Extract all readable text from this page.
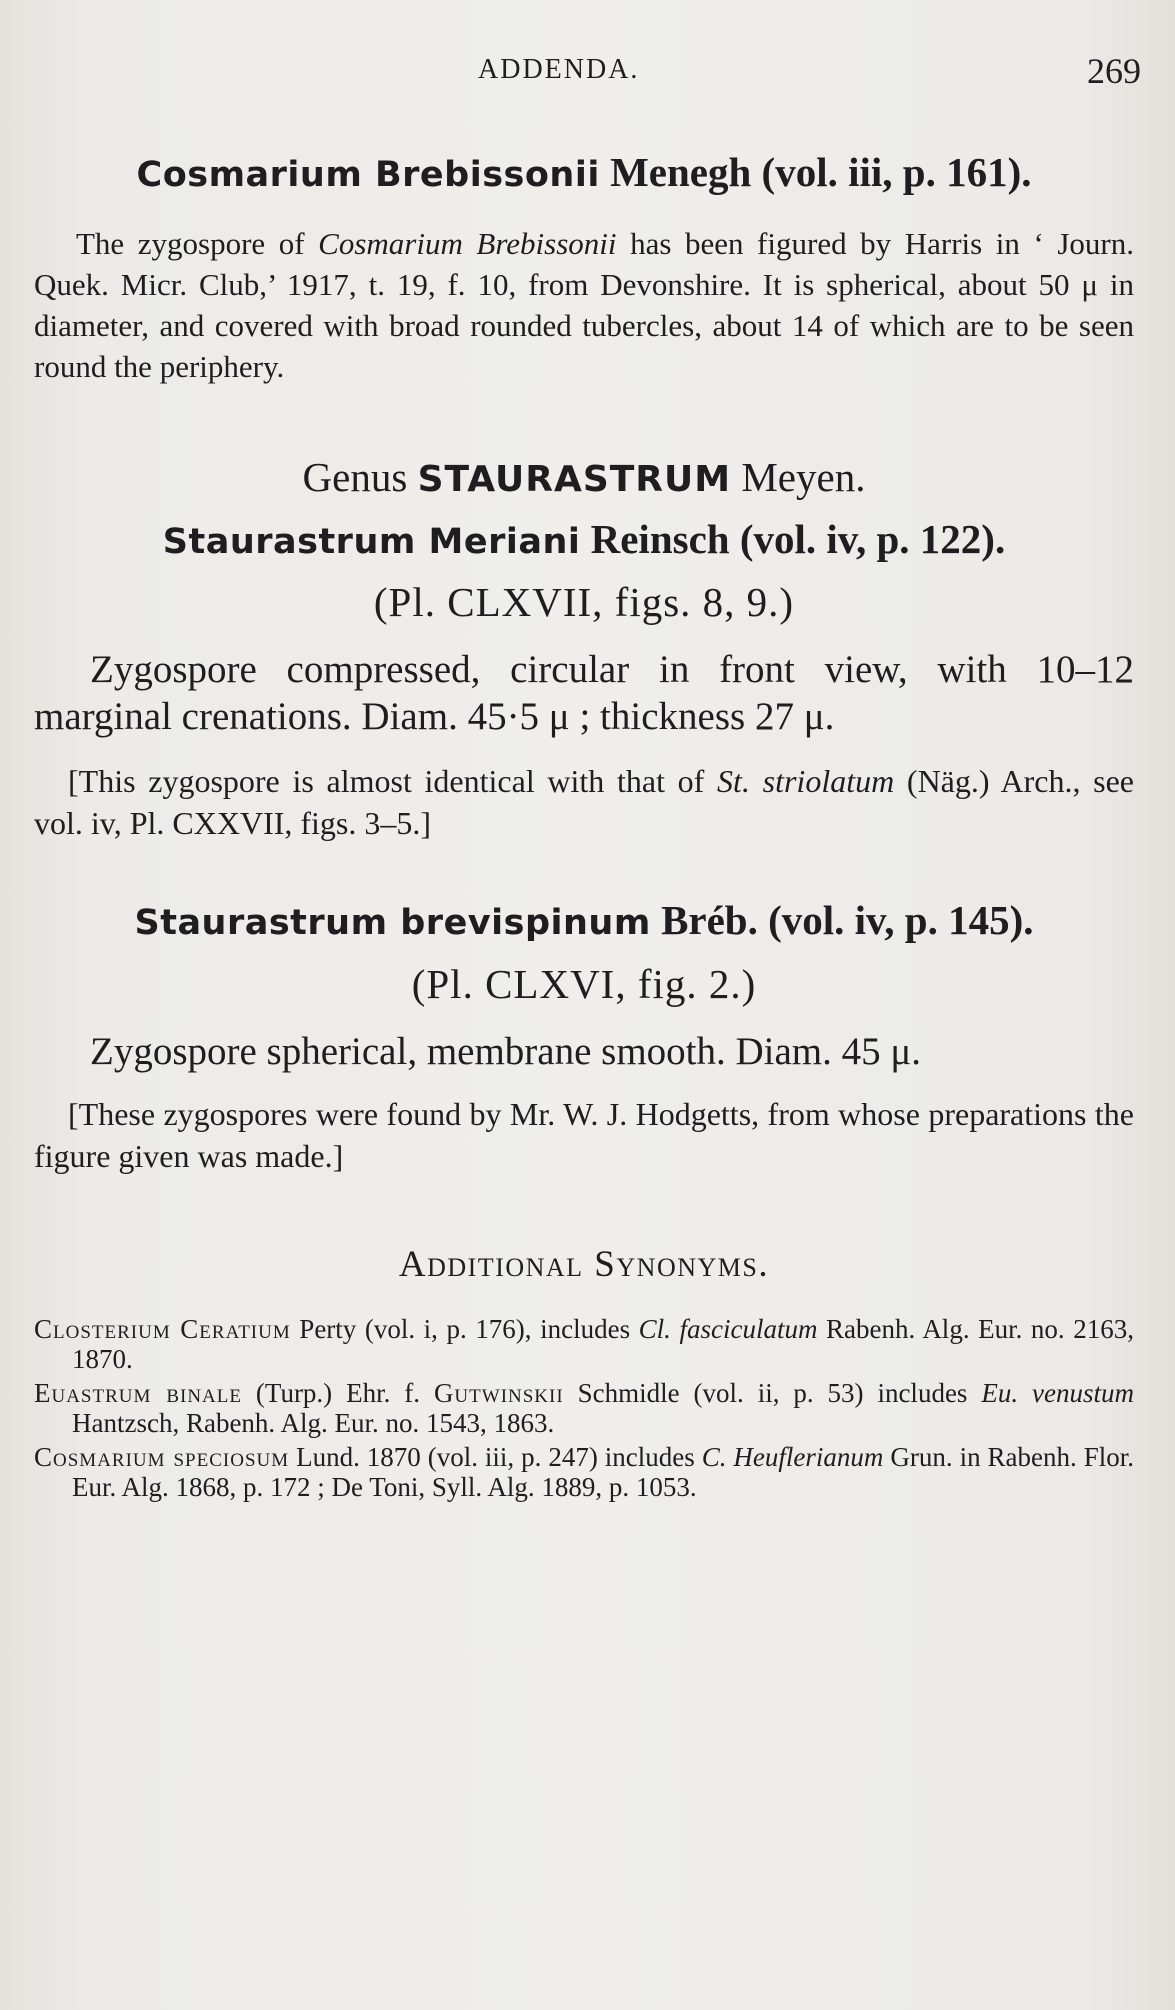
ADDENDA.	269
Cosmarium Brebissonii Menegh (vol. iii, p. 161).

The zygospore of Cosmarium Brebissonii has been figured by Harris in ‘ Journ. Quek. Micr. Club,’ 1917, t. 19, f. 10, from Devonshire. It is spherical, about 50 μ in diameter, and covered with broad rounded tubercles, about 14 of which are to be seen round the periphery.

Genus STAURASTRUM Meyen.
Staurastrum Meriani Reinsch (vol. iv, p. 122).
(Pl. CLXVII, figs. 8, 9.)

Zygospore compressed, circular in front view, with 10–12 marginal crenations. Diam. 45·5 μ ; thickness 27 μ.

[This zygospore is almost identical with that of St. striolatum (Näg.) Arch., see vol. iv, Pl. CXXVII, figs. 3–5.]

Staurastrum brevispinum Bréb. (vol. iv, p. 145).
(Pl. CLXVI, fig. 2.)

Zygospore spherical, membrane smooth. Diam. 45 μ.

[These zygospores were found by Mr. W. J. Hodgetts, from whose preparations the figure given was made.]

Additional Synonyms.

Closterium Ceratium Perty (vol. i, p. 176), includes Cl. fasciculatum Rabenh. Alg. Eur. no. 2163, 1870.

Euastrum binale (Turp.) Ehr. f. Gutwinskii Schmidle (vol. ii, p. 53) includes Eu. venustum Hantzsch, Rabenh. Alg. Eur. no. 1543, 1863.

Cosmarium speciosum Lund. 1870 (vol. iii, p. 247) includes C. Heuflerianum Grun. in Rabenh. Flor. Eur. Alg. 1868, p. 172 ; De Toni, Syll. Alg. 1889, p. 1053.
